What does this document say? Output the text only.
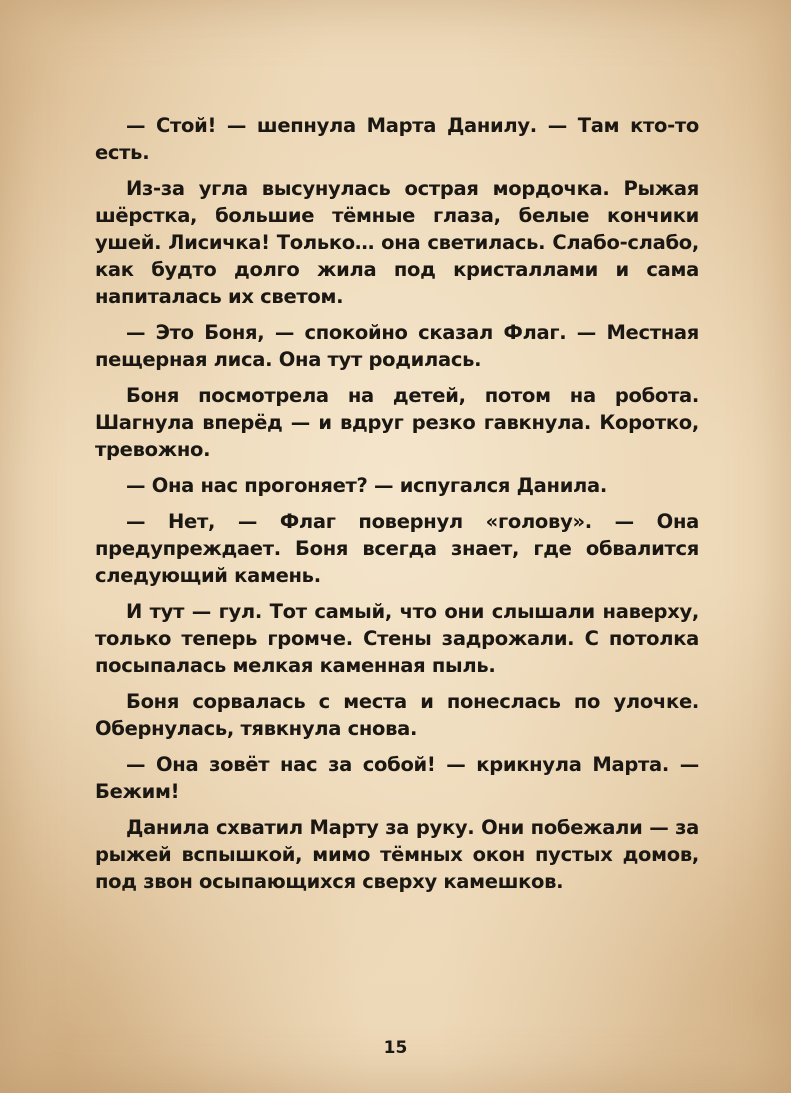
— Стой! — шепнула Марта Данилу. — Там кто-то есть.

Из-за угла высунулась острая мордочка. Рыжая шёрстка, большие тёмные глаза, белые кончики ушей. Лисичка! Только… она светилась. Слабо-слабо, как будто долго жила под кристаллами и сама напиталась их светом.

— Это Боня, — спокойно сказал Флаг. — Местная пещерная лиса. Она тут родилась.

Боня посмотрела на детей, потом на робота. Шагнула вперёд — и вдруг резко гавкнула. Коротко, тревожно.

— Она нас прогоняет? — испугался Данила.

— Нет, — Флаг повернул «голову». — Она предупреждает. Боня всегда знает, где обвалится следующий камень.

И тут — гул. Тот самый, что они слышали наверху, только теперь громче. Стены задрожали. С потолка посыпалась мелкая каменная пыль.

Боня сорвалась с места и понеслась по улочке. Обернулась, тявкнула снова.

— Она зовёт нас за собой! — крикнула Марта. — Бежим!

Данила схватил Марту за руку. Они побежали — за рыжей вспышкой, мимо тёмных окон пустых домов, под звон осыпающихся сверху камешков.

15
